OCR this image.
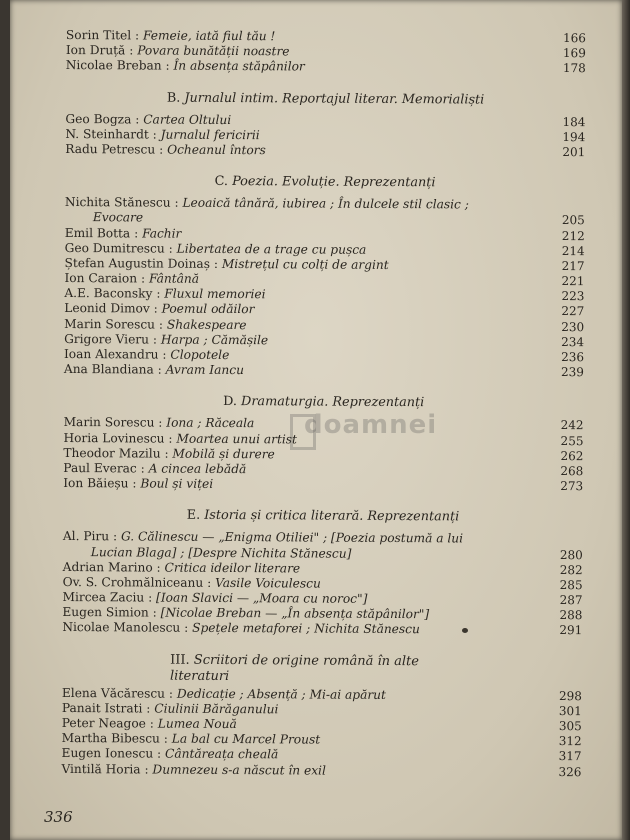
Sorin Titel : Femeie, iată fiul tău !	166
Ion Druță : Povara bunătății noastre	169
Nicolae Breban : În absența stăpânilor	178
B. Jurnalul intim. Reportajul literar. Memorialiști
Geo Bogza : Cartea Oltului	184
N. Steinhardt : Jurnalul fericirii	194
Radu Petrescu : Ocheanul întors	201
C. Poezia. Evoluție. Reprezentanți
Nichita Stănescu : Leoaică tânără, iubirea ; În dulcele stil clasic ;
Evocare	205
Emil Botta : Fachir	212
Geo Dumitrescu : Libertatea de a trage cu pușca	214
Ștefan Augustin Doinaș : Mistrețul cu colți de argint	217
Ion Caraion : Fântână	221
A.E. Baconsky : Fluxul memoriei	223
Leonid Dimov : Poemul odăilor	227
Marin Sorescu : Shakespeare	230
Grigore Vieru : Harpa ; Cămășile	234
Ioan Alexandru : Clopotele	236
Ana Blandiana : Avram Iancu	239
D. Dramaturgia. Reprezentanți
Marin Sorescu : Iona ; Răceala	242
Horia Lovinescu : Moartea unui artist	255
Theodor Mazilu : Mobilă și durere	262
Paul Everac : A cincea lebădă	268
Ion Băieșu : Boul și viței	273
E. Istoria și critica literară. Reprezentanți
Al. Piru : G. Călinescu — „Enigma Otiliei" ; [Poezia postumă a lui
Lucian Blaga] ; [Despre Nichita Stănescu]	280
Adrian Marino : Critica ideilor literare	282
Ov. S. Crohmălniceanu : Vasile Voiculescu	285
Mircea Zaciu : [Ioan Slavici — „Moara cu noroc"]	287
Eugen Simion : [Nicolae Breban — „În absența stăpânilor"]	288
Nicolae Manolescu : Spețele metaforei ; Nichita Stănescu	291
III. Scriitori de origine română în alte
literaturi
Elena Văcărescu : Dedicație ; Absență ; Mi-ai apărut	298
Panait Istrati : Ciulinii Bărăganului	301
Peter Neagoe : Lumea Nouă	305
Martha Bibescu : La bal cu Marcel Proust	312
Eugen Ionescu : Cântăreața cheală	317
Vintilă Horia : Dumnezeu s-a născut în exil	326
doamnei
336
